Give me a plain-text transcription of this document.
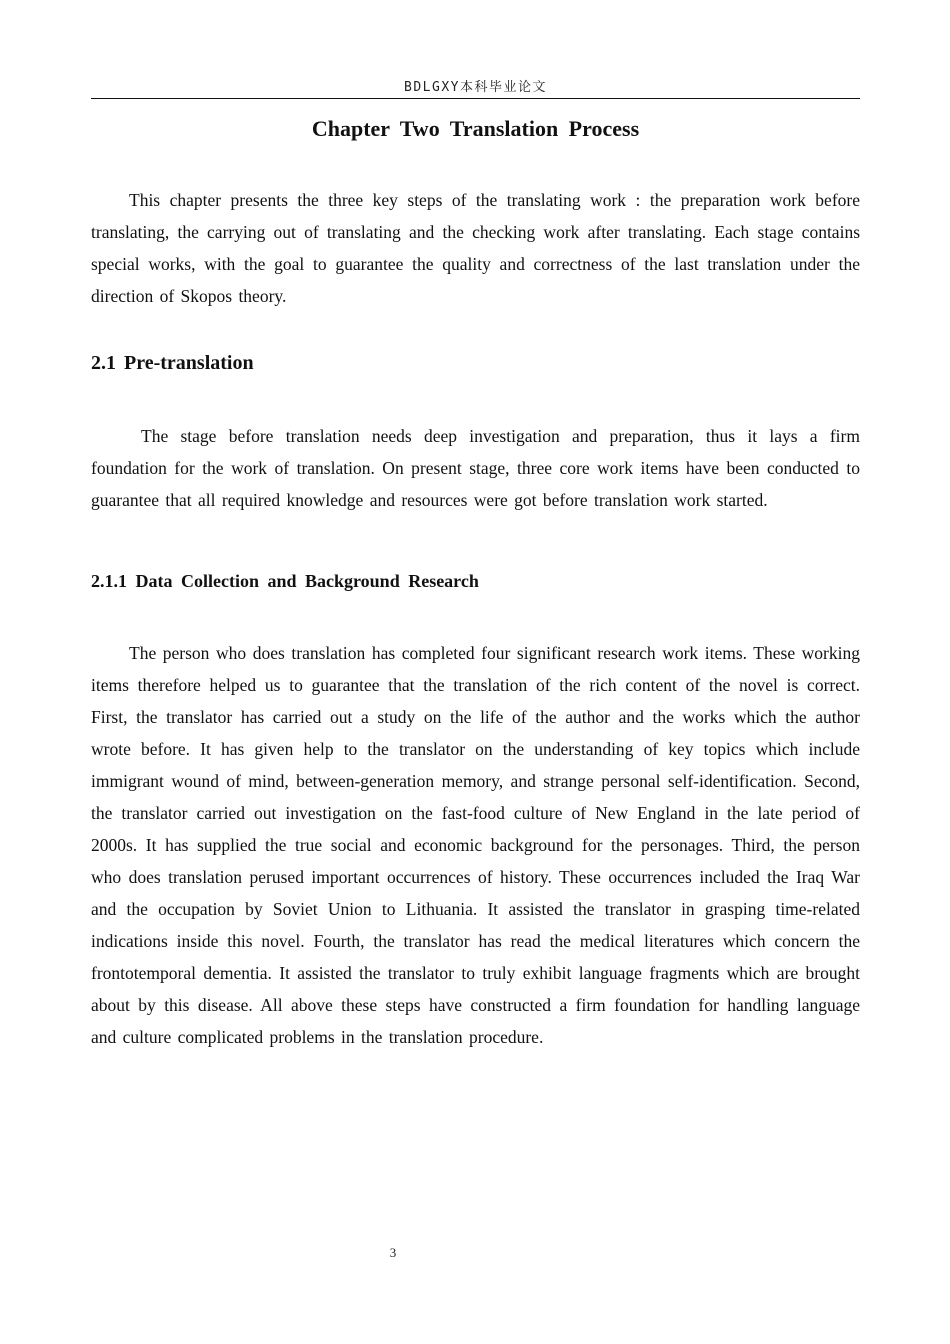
BDLGXY本科毕业论文
Chapter Two Translation Process

This chapter presents the three key steps of the translating work : the preparation work before translating, the carrying out of translating and the checking work after translating. Each stage contains special works, with the goal to guarantee the quality and correctness of the last translation under the direction of Skopos theory.

2.1 Pre-translation

The stage before translation needs deep investigation and preparation, thus it lays a firm foundation for the work of translation. On present stage, three core work items have been conducted to guarantee that all required knowledge and resources were got before translation work started.

2.1.1 Data Collection and Background Research

The person who does translation has completed four significant research work items. These working items therefore helped us to guarantee that the translation of the rich content of the novel is correct. First, the translator has carried out a study on the life of the author and the works which the author wrote before. It has given help to the translator on the understanding of key topics which include immigrant wound of mind, between-generation memory, and strange personal self-identification. Second, the translator carried out investigation on the fast-food culture of New England in the late period of 2000s. It has supplied the true social and economic background for the personages. Third, the person who does translation perused important occurrences of history. These occurrences included the Iraq War and the occupation by Soviet Union to Lithuania. It assisted the translator in grasping time-related indications inside this novel. Fourth, the translator has read the medical literatures which concern the frontotemporal dementia. It assisted the translator to truly exhibit language fragments which are brought about by this disease. All above these steps have constructed a firm foundation for handling language and culture complicated problems in the translation procedure.

3
